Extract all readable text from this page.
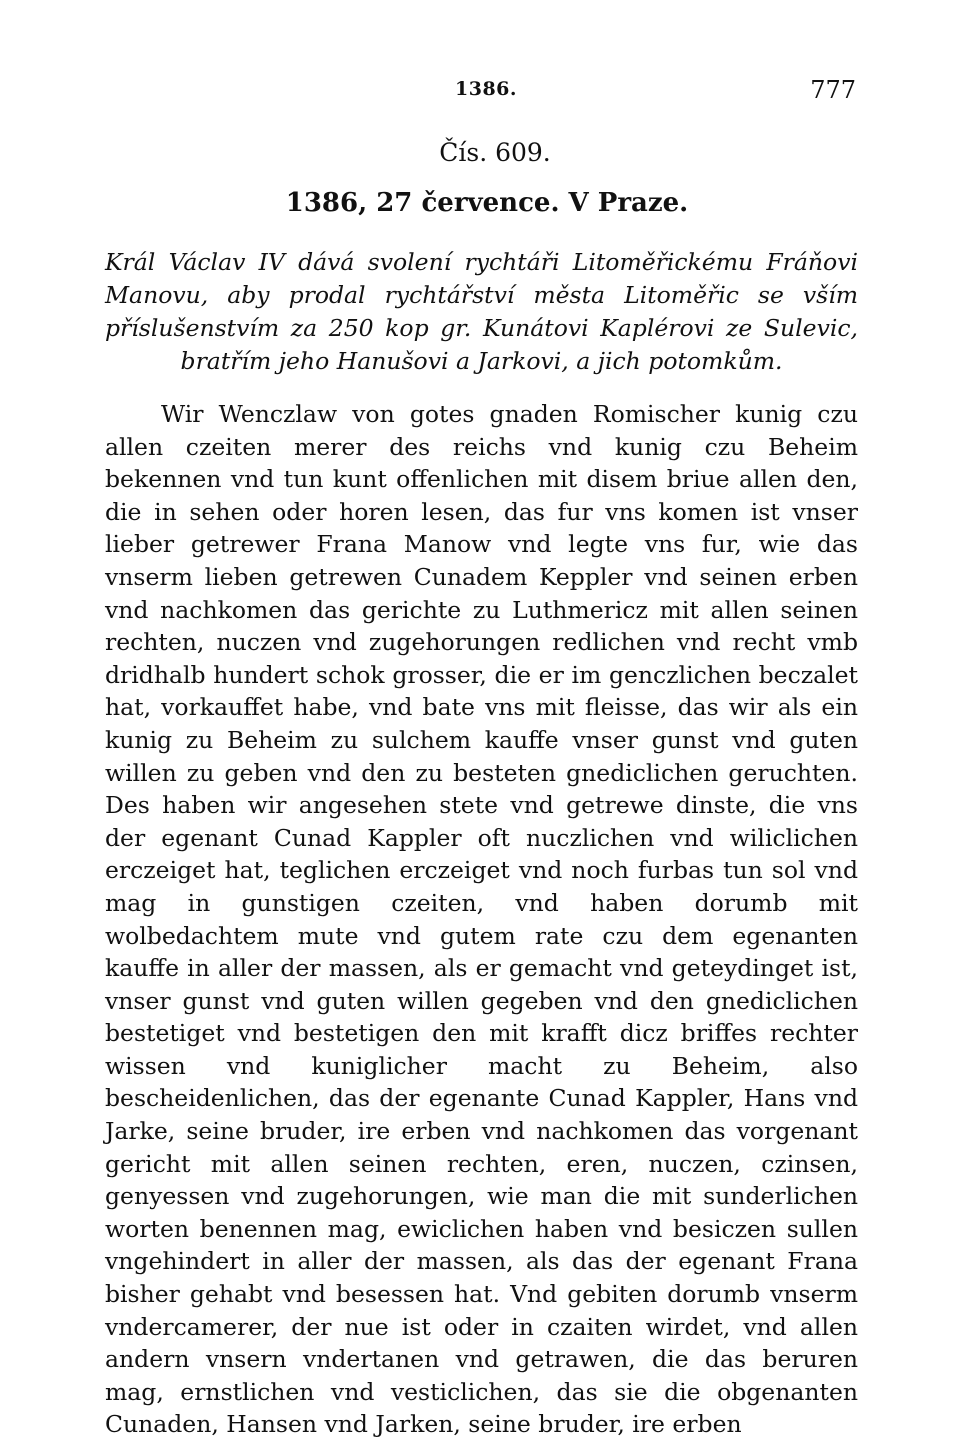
1386.	777
Čís. 609.
1386, 27 července. V Praze.
Král Václav IV dává svolení rychtáři Litoměřickému Fráňovi Manovu, aby prodal rychtářství města Litoměřic se vším příslušenstvím za 250 kop gr. Kunátovi Kaplérovi ze Sulevic, bratřím jeho Hanušovi a Jarkovi, a jich potomkům.

Wir Wenczlaw von gotes gnaden Romischer kunig czu allen czeiten merer des reichs vnd kunig czu Beheim bekennen vnd tun kunt offenlichen mit disem briue allen den, die in sehen oder horen lesen, das fur vns komen ist vnser lieber getrewer Frana Manow vnd legte vns fur, wie das vnserm lieben getrewen Cunadem Keppler vnd seinen erben vnd nachkomen das gerichte zu Luthmericz mit allen seinen rechten, nuczen vnd zugehorungen redlichen vnd recht vmb dridhalb hundert schok grosser, die er im genczlichen beczalet hat, vorkauffet habe, vnd bate vns mit fleisse, das wir als ein kunig zu Beheim zu sulchem kauffe vnser gunst vnd guten willen zu geben vnd den zu besteten gnediclichen geruchten. Des haben wir angesehen stete vnd getrewe dinste, die vns der egenant Cunad Kappler oft nuczlichen vnd wiliclichen erczeiget hat, teglichen erczeiget vnd noch furbas tun sol vnd mag in gunstigen czeiten, vnd haben dorumb mit wolbedachtem mute vnd gutem rate czu dem egenanten kauffe in aller der massen, als er gemacht vnd geteydinget ist, vnser gunst vnd guten willen gegeben vnd den gnediclichen bestetiget vnd bestetigen den mit krafft dicz briffes rechter wissen vnd kuniglicher macht zu Beheim, also bescheidenlichen, das der egenante Cunad Kappler, Hans vnd Jarke, seine bruder, ire erben vnd nachkomen das vorgenant gericht mit allen seinen rechten, eren, nuczen, czinsen, genyessen vnd zugehorungen, wie man die mit sunderlichen worten benennen mag, ewiclichen haben vnd besiczen sullen vngehindert in aller der massen, als das der egenant Frana bisher gehabt vnd besessen hat. Vnd gebiten dorumb vnserm vndercamerer, der nue ist oder in czaiten wirdet, vnd allen andern vnsern vndertanen vnd getrawen, die das beruren mag, ernstlichen vnd vesticlichen, das sie die obgenanten Cunaden, Hansen vnd Jarken, seine bruder, ire erben
